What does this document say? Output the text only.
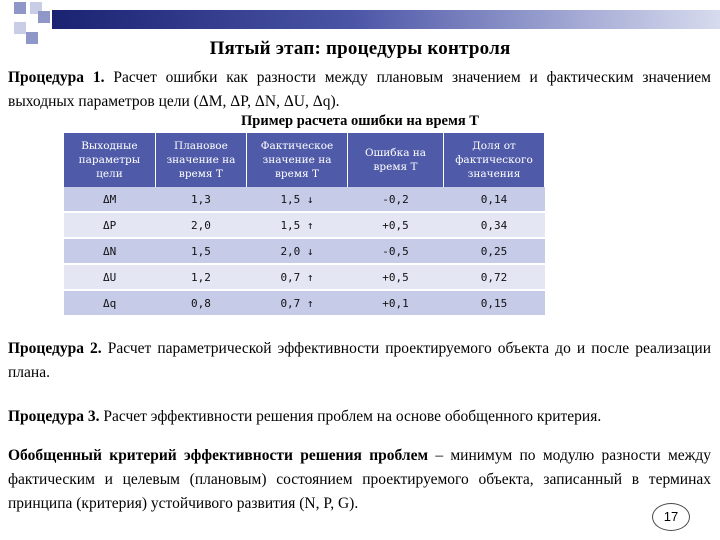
Пятый этап: процедуры контроля
Процедура 1. Расчет ошибки как разности между плановым значением и фактическим значением выходных параметров цели (ΔM, ΔP, ΔN, ΔU, Δq).
Пример расчета ошибки на время Т
Выходные параметры цели	Плановое значение на время Т	Фактическое значение на время Т	Ошибка на время Т	Доля от фактического значения
ΔM	1,3	1,5 ↓	-0,2	0,14
ΔP	2,0	1,5 ↑	+0,5	0,34
ΔN	1,5	2,0 ↓	-0,5	0,25
ΔU	1,2	0,7 ↑	+0,5	0,72
Δq	0,8	0,7 ↑	+0,1	0,15
Процедура 2. Расчет параметрической эффективности проектируемого объекта до и после реализации плана.
Процедура 3. Расчет эффективности решения проблем на основе обобщенного критерия.
Обобщенный критерий эффективности решения проблем – минимум по модулю разности между фактическим и целевым (плановым) состоянием проектируемого объекта, записанный в терминах принципа (критерия) устойчивого развития (N, P, G).
17
